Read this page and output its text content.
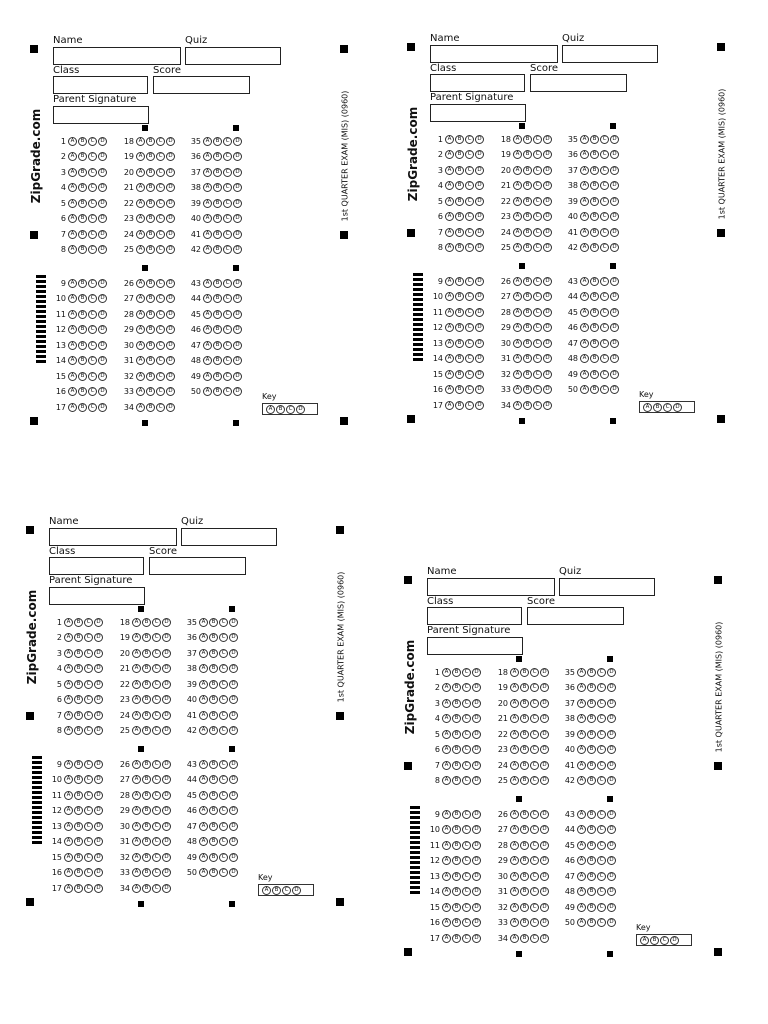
Name	Quiz
Class	Score
Parent Signature
ZipGrade.com	1st QUARTER EXAM (MIS) (0960)
1 A	B	C	D	18 A	B	C	D	35 A	B	C	D
2 A	B	C	D	19 A	B	C	D	36 A	B	C	D
3 A	B	C	D	20 A	B	C	D	37 A	B	C	D
4 A	B	C	D	21 A	B	C	D	38 A	B	C	D
5 A	B	C	D	22 A	B	C	D	39 A	B	C	D
6 A	B	C	D	23 A	B	C	D	40 A	B	C	D
7 A	B	C	D	24 A	B	C	D	41 A	B	C	D
8 A	B	C	D	25 A	B	C	D	42 A	B	C	D
9 A	B	C	D	26 A	B	C	D	43 A	B	C	D
10 A	B	C	D	27 A	B	C	D	44 A	B	C	D
11 A	B	C	D	28 A	B	C	D	45 A	B	C	D
12 A	B	C	D	29 A	B	C	D	46 A	B	C	D
13 A	B	C	D	30 A	B	C	D	47 A	B	C	D
14 A	B	C	D	31 A	B	C	D	48 A	B	C	D
15 A	B	C	D	32 A	B	C	D	49 A	B	C	D
16 A	B	C	D	33 A	B	C	D	50 A	B	C	D
17 A	B	C	D	34 A	B	C	D
Key
A	B	C	D
Name	Quiz
Class	Score
Parent Signature
ZipGrade.com	1st QUARTER EXAM (MIS) (0960)
1 A	B	C	D	18 A	B	C	D	35 A	B	C	D
2 A	B	C	D	19 A	B	C	D	36 A	B	C	D
3 A	B	C	D	20 A	B	C	D	37 A	B	C	D
4 A	B	C	D	21 A	B	C	D	38 A	B	C	D
5 A	B	C	D	22 A	B	C	D	39 A	B	C	D
6 A	B	C	D	23 A	B	C	D	40 A	B	C	D
7 A	B	C	D	24 A	B	C	D	41 A	B	C	D
8 A	B	C	D	25 A	B	C	D	42 A	B	C	D
9 A	B	C	D	26 A	B	C	D	43 A	B	C	D
10 A	B	C	D	27 A	B	C	D	44 A	B	C	D
11 A	B	C	D	28 A	B	C	D	45 A	B	C	D
12 A	B	C	D	29 A	B	C	D	46 A	B	C	D
13 A	B	C	D	30 A	B	C	D	47 A	B	C	D
14 A	B	C	D	31 A	B	C	D	48 A	B	C	D
15 A	B	C	D	32 A	B	C	D	49 A	B	C	D
16 A	B	C	D	33 A	B	C	D	50 A	B	C	D
17 A	B	C	D	34 A	B	C	D
Key
A	B	C	D
Name	Quiz
Class	Score
Parent Signature
ZipGrade.com	1st QUARTER EXAM (MIS) (0960)
1 A	B	C	D	18 A	B	C	D	35 A	B	C	D
2 A	B	C	D	19 A	B	C	D	36 A	B	C	D
3 A	B	C	D	20 A	B	C	D	37 A	B	C	D
4 A	B	C	D	21 A	B	C	D	38 A	B	C	D
5 A	B	C	D	22 A	B	C	D	39 A	B	C	D
6 A	B	C	D	23 A	B	C	D	40 A	B	C	D
7 A	B	C	D	24 A	B	C	D	41 A	B	C	D
8 A	B	C	D	25 A	B	C	D	42 A	B	C	D
9 A	B	C	D	26 A	B	C	D	43 A	B	C	D
10 A	B	C	D	27 A	B	C	D	44 A	B	C	D
11 A	B	C	D	28 A	B	C	D	45 A	B	C	D
12 A	B	C	D	29 A	B	C	D	46 A	B	C	D
13 A	B	C	D	30 A	B	C	D	47 A	B	C	D
14 A	B	C	D	31 A	B	C	D	48 A	B	C	D
15 A	B	C	D	32 A	B	C	D	49 A	B	C	D
16 A	B	C	D	33 A	B	C	D	50 A	B	C	D
17 A	B	C	D	34 A	B	C	D
Key
A	B	C	D
Name	Quiz
Class	Score
Parent Signature
ZipGrade.com	1st QUARTER EXAM (MIS) (0960)
1 A	B	C	D	18 A	B	C	D	35 A	B	C	D
2 A	B	C	D	19 A	B	C	D	36 A	B	C	D
3 A	B	C	D	20 A	B	C	D	37 A	B	C	D
4 A	B	C	D	21 A	B	C	D	38 A	B	C	D
5 A	B	C	D	22 A	B	C	D	39 A	B	C	D
6 A	B	C	D	23 A	B	C	D	40 A	B	C	D
7 A	B	C	D	24 A	B	C	D	41 A	B	C	D
8 A	B	C	D	25 A	B	C	D	42 A	B	C	D
9 A	B	C	D	26 A	B	C	D	43 A	B	C	D
10 A	B	C	D	27 A	B	C	D	44 A	B	C	D
11 A	B	C	D	28 A	B	C	D	45 A	B	C	D
12 A	B	C	D	29 A	B	C	D	46 A	B	C	D
13 A	B	C	D	30 A	B	C	D	47 A	B	C	D
14 A	B	C	D	31 A	B	C	D	48 A	B	C	D
15 A	B	C	D	32 A	B	C	D	49 A	B	C	D
16 A	B	C	D	33 A	B	C	D	50 A	B	C	D
17 A	B	C	D	34 A	B	C	D
Key
A	B	C	D
